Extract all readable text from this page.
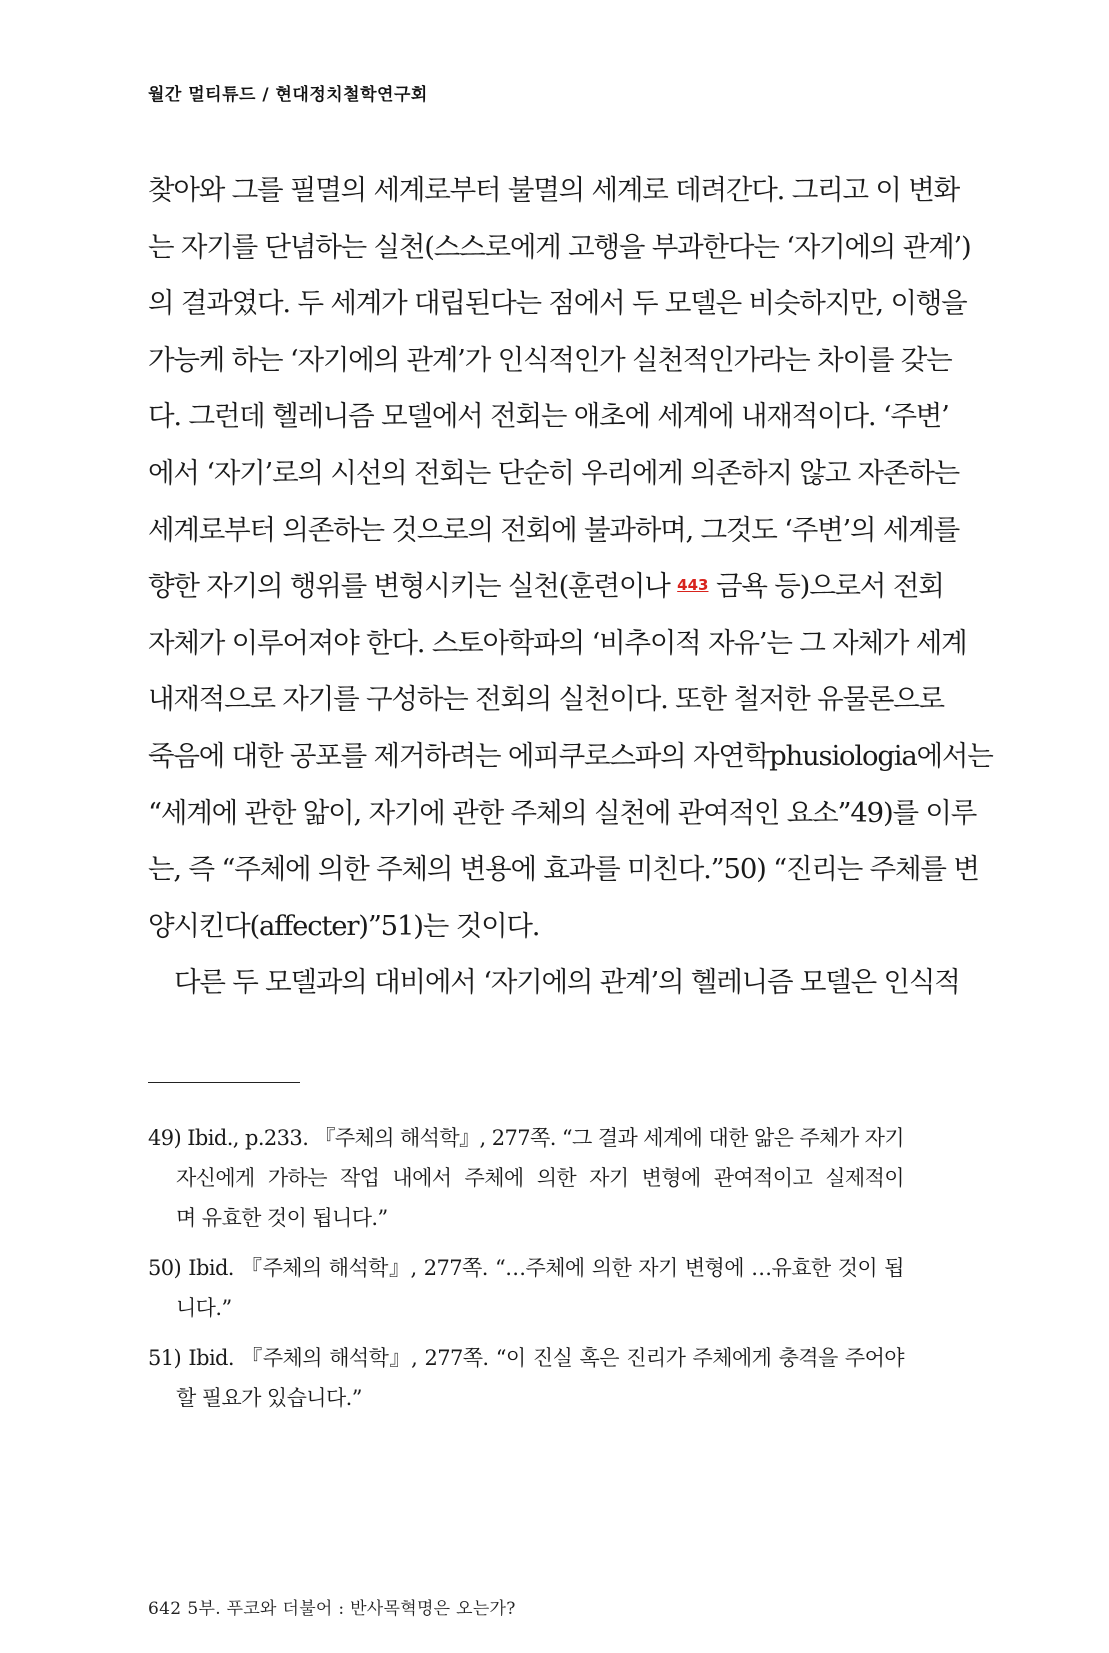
월간 멀티튜드 / 현대정치철학연구회
찾아와 그를 필멸의 세계로부터 불멸의 세계로 데려간다. 그리고 이 변화
는 자기를 단념하는 실천(스스로에게 고행을 부과한다는 ‘자기에의 관계’)
의 결과였다. 두 세계가 대립된다는 점에서 두 모델은 비슷하지만, 이행을
가능케 하는 ‘자기에의 관계’가 인식적인가 실천적인가라는 차이를 갖는
다. 그런데 헬레니즘 모델에서 전회는 애초에 세계에 내재적이다. ‘주변’
에서 ‘자기’로의 시선의 전회는 단순히 우리에게 의존하지 않고 자존하는
세계로부터 의존하는 것으로의 전회에 불과하며, 그것도 ‘주변’의 세계를
향한 자기의 행위를 변형시키는 실천(훈련이나 443 금욕 등)으로서 전회
자체가 이루어져야 한다. 스토아학파의 ‘비추이적 자유’는 그 자체가 세계
내재적으로 자기를 구성하는 전회의 실천이다. 또한 철저한 유물론으로
죽음에 대한 공포를 제거하려는 에피쿠로스파의 자연학phusiologia에서는
“세계에 관한 앎이, 자기에 관한 주체의 실천에 관여적인 요소”49)를 이루
는, 즉 “주체에 의한 주체의 변용에 효과를 미친다.”50) “진리는 주체를 변
양시킨다(affecter)”51)는 것이다.
다른 두 모델과의 대비에서 ‘자기에의 관계’의 헬레니즘 모델은 인식적
49) Ibid., p.233. 『주체의 해석학』, 277쪽. “그 결과 세계에 대한 앎은 주체가 자기
자신에게 가하는 작업 내에서 주체에 의한 자기 변형에 관여적이고 실제적이
며 유효한 것이 됩니다.”
50) Ibid. 『주체의 해석학』, 277쪽. “…주체에 의한 자기 변형에 …유효한 것이 됩
니다.”
51) Ibid. 『주체의 해석학』, 277쪽. “이 진실 혹은 진리가 주체에게 충격을 주어야
할 필요가 있습니다.”
642 5부. 푸코와 더불어 : 반사목혁명은 오는가?
